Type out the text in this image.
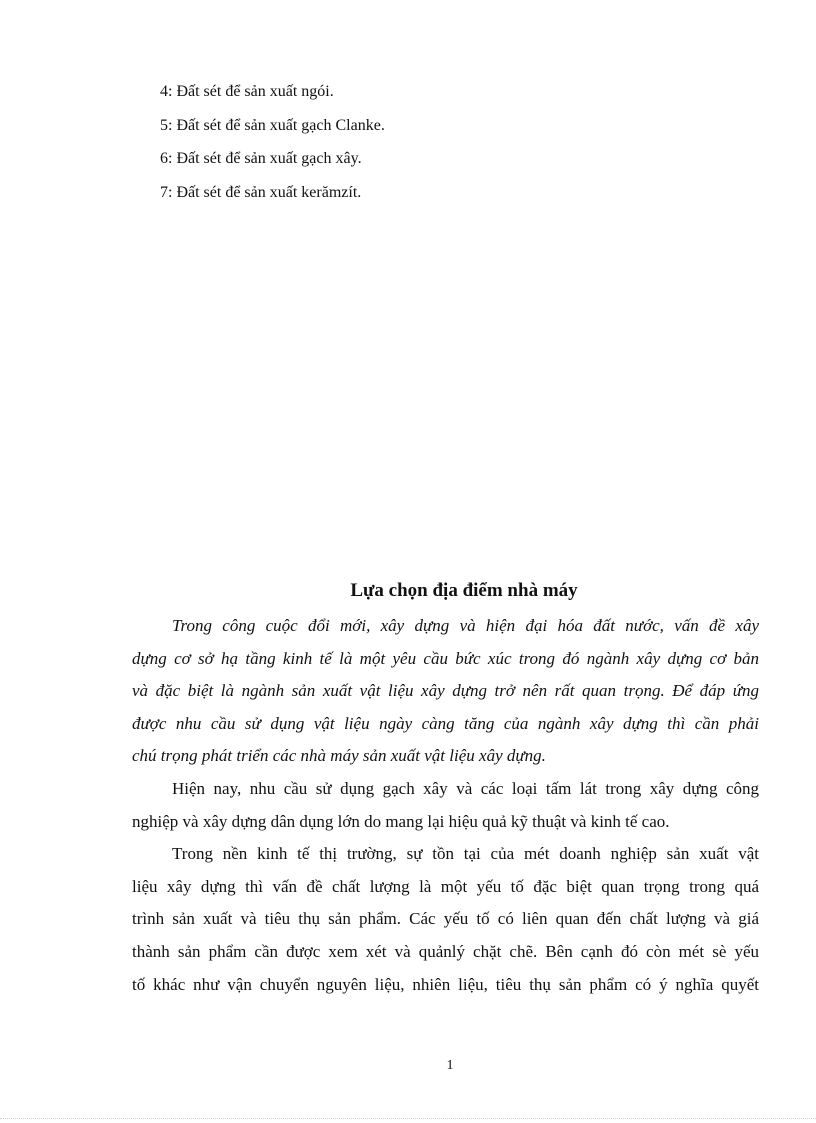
4: Đất sét để sản xuất ngói.
5: Đất sét để sản xuất gạch Clanke.
6: Đất sét để sản xuất gạch xây.
7: Đất sét để sản xuất kerămzít.
Lựa chọn địa điểm nhà máy
Trong công cuộc đổi mới, xây dựng và hiện đại hóa đất nước, vấn đề xây
dựng cơ sở hạ tầng kinh tế là một yêu cầu bức xúc trong đó ngành xây dựng cơ bản
và đặc biệt là ngành sản xuất vật liệu xây dựng trở nên rất quan trọng. Để đáp ứng
được nhu cầu sử dụng vật liệu ngày càng tăng của ngành xây dựng thì cần phải
chú trọng phát triển các nhà máy sản xuất vật liệu xây dựng.
Hiện nay, nhu cầu sử dụng gạch xây và các loại tấm lát trong xây dựng công
nghiệp và xây dựng dân dụng lớn do mang lại hiệu quả kỹ thuật và kinh tế cao.
Trong nền kinh tế thị trường, sự tồn tại của mét doanh nghiệp sản xuất vật
liệu xây dựng thì vấn đề chất lượng là một yếu tố đặc biệt quan trọng trong quá
trình sản xuất và tiêu thụ sản phẩm. Các yếu tố có liên quan đến chất lượng và giá
thành sản phẩm cần được xem xét và quảnlý chặt chẽ. Bên cạnh đó còn mét sè yếu
tố khác như vận chuyển nguyên liệu, nhiên liệu, tiêu thụ sản phẩm có ý nghĩa quyết
1
